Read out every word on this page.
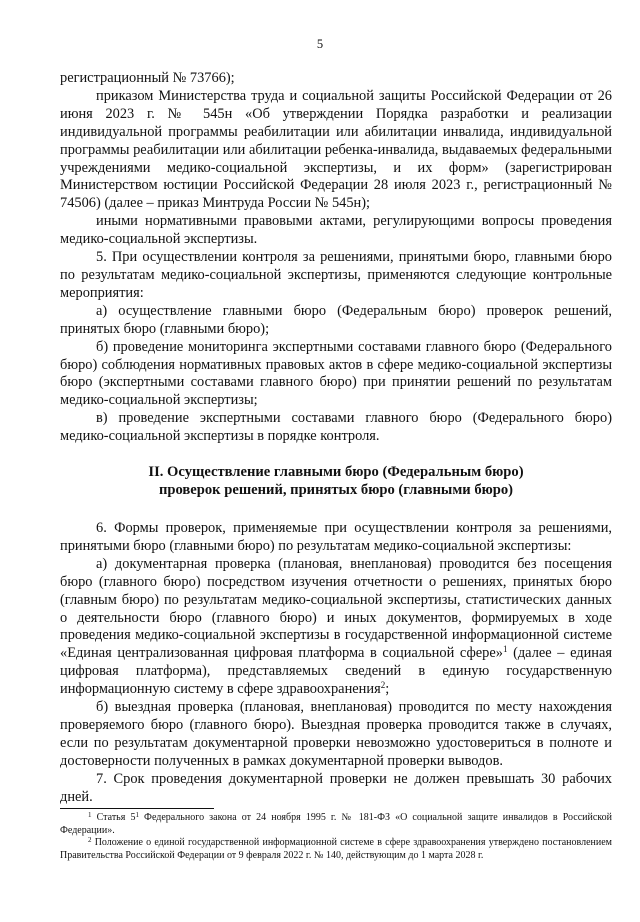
5

регистрационный № 73766);

приказом Министерства труда и социальной защиты Российской Федерации от 26 июня 2023 г. № 545н «Об утверждении Порядка разработки и реализации индивидуальной программы реабилитации или абилитации инвалида, индивидуальной программы реабилитации или абилитации ребенка-инвалида, выдаваемых федеральными учреждениями медико-социальной экспертизы, и их форм» (зарегистрирован Министерством юстиции Российской Федерации 28 июля 2023 г., регистрационный № 74506) (далее – приказ Минтруда России № 545н);

иными нормативными правовыми актами, регулирующими вопросы проведения медико-социальной экспертизы.

5. При осуществлении контроля за решениями, принятыми бюро, главными бюро по результатам медико-социальной экспертизы, применяются следующие контрольные мероприятия:

а) осуществление главными бюро (Федеральным бюро) проверок решений, принятых бюро (главными бюро);

б) проведение мониторинга экспертными составами главного бюро (Федерального бюро) соблюдения нормативных правовых актов в сфере медико-социальной экспертизы бюро (экспертными составами главного бюро) при принятии решений по результатам медико-социальной экспертизы;

в) проведение экспертными составами главного бюро (Федерального бюро) медико-социальной экспертизы в порядке контроля.

II. Осуществление главными бюро (Федеральным бюро)
проверок решений, принятых бюро (главными бюро)

6. Формы проверок, применяемые при осуществлении контроля за решениями, принятыми бюро (главными бюро) по результатам медико-социальной экспертизы:

а) документарная проверка (плановая, внеплановая) проводится без посещения бюро (главного бюро) посредством изучения отчетности о решениях, принятых бюро (главным бюро) по результатам медико-социальной экспертизы, статистических данных о деятельности бюро (главного бюро) и иных документов, формируемых в ходе проведения медико-социальной экспертизы в государственной информационной системе «Единая централизованная цифровая платформа в социальной сфере»$^1$ (далее – единая цифровая платформа), представляемых сведений в единую государственную информационную систему в сфере здравоохранения$^2$;

б) выездная проверка (плановая, внеплановая) проводится по месту нахождения проверяемого бюро (главного бюро). Выездная проверка проводится также в случаях, если по результатам документарной проверки невозможно удостовериться в полноте и достоверности полученных в рамках документарной проверки выводов.

7. Срок проведения документарной проверки не должен превышать 30 рабочих дней.

$^1$ Статья $5^1$ Федерального закона от 24 ноября 1995 г. № 181-ФЗ «О социальной защите инвалидов в Российской Федерации».

$^2$ Положение о единой государственной информационной системе в сфере здравоохранения утверждено постановлением Правительства Российской Федерации от 9 февраля 2022 г. № 140, действующим до 1 марта 2028 г.
